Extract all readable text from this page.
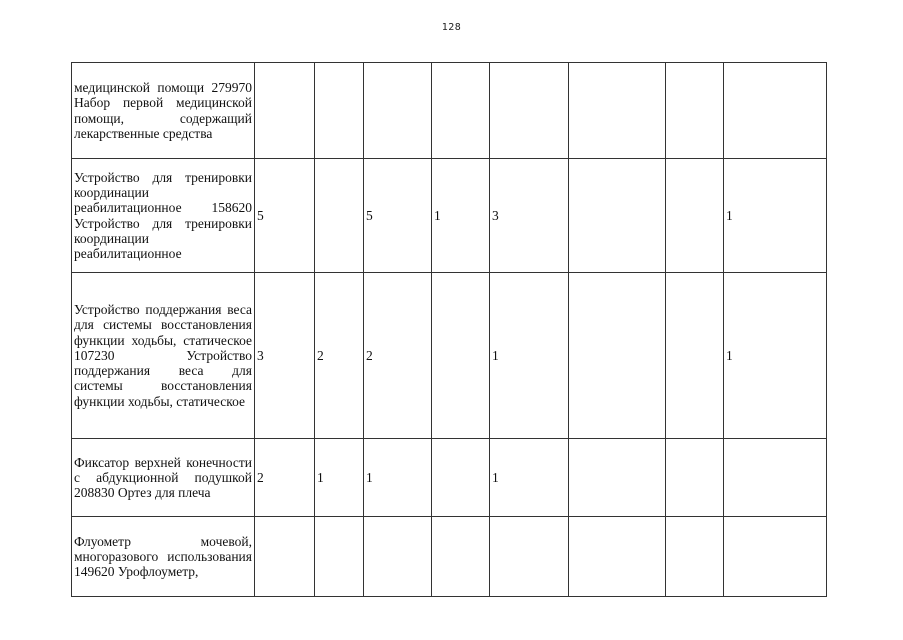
128
медицинской помощи 279970 Набор первой медицинской помощи, содержащий лекарственные средства								
Устройство для тренировки координации реабилитационное 158620 Устройство для тренировки координации реабилитационное	5		5	1	3			1
Устройство поддержания веса для системы восстановления функции ходьбы, статическое 107230 Устройство поддержания веса для системы восстановления функции ходьбы, статическое	3	2	2		1			1
Фиксатор верхней конечности с абдукционной подушкой 208830 Ортез для плеча	2	1	1		1			
Флуометр мочевой, многоразового использования 149620 Урофлоуметр,								
